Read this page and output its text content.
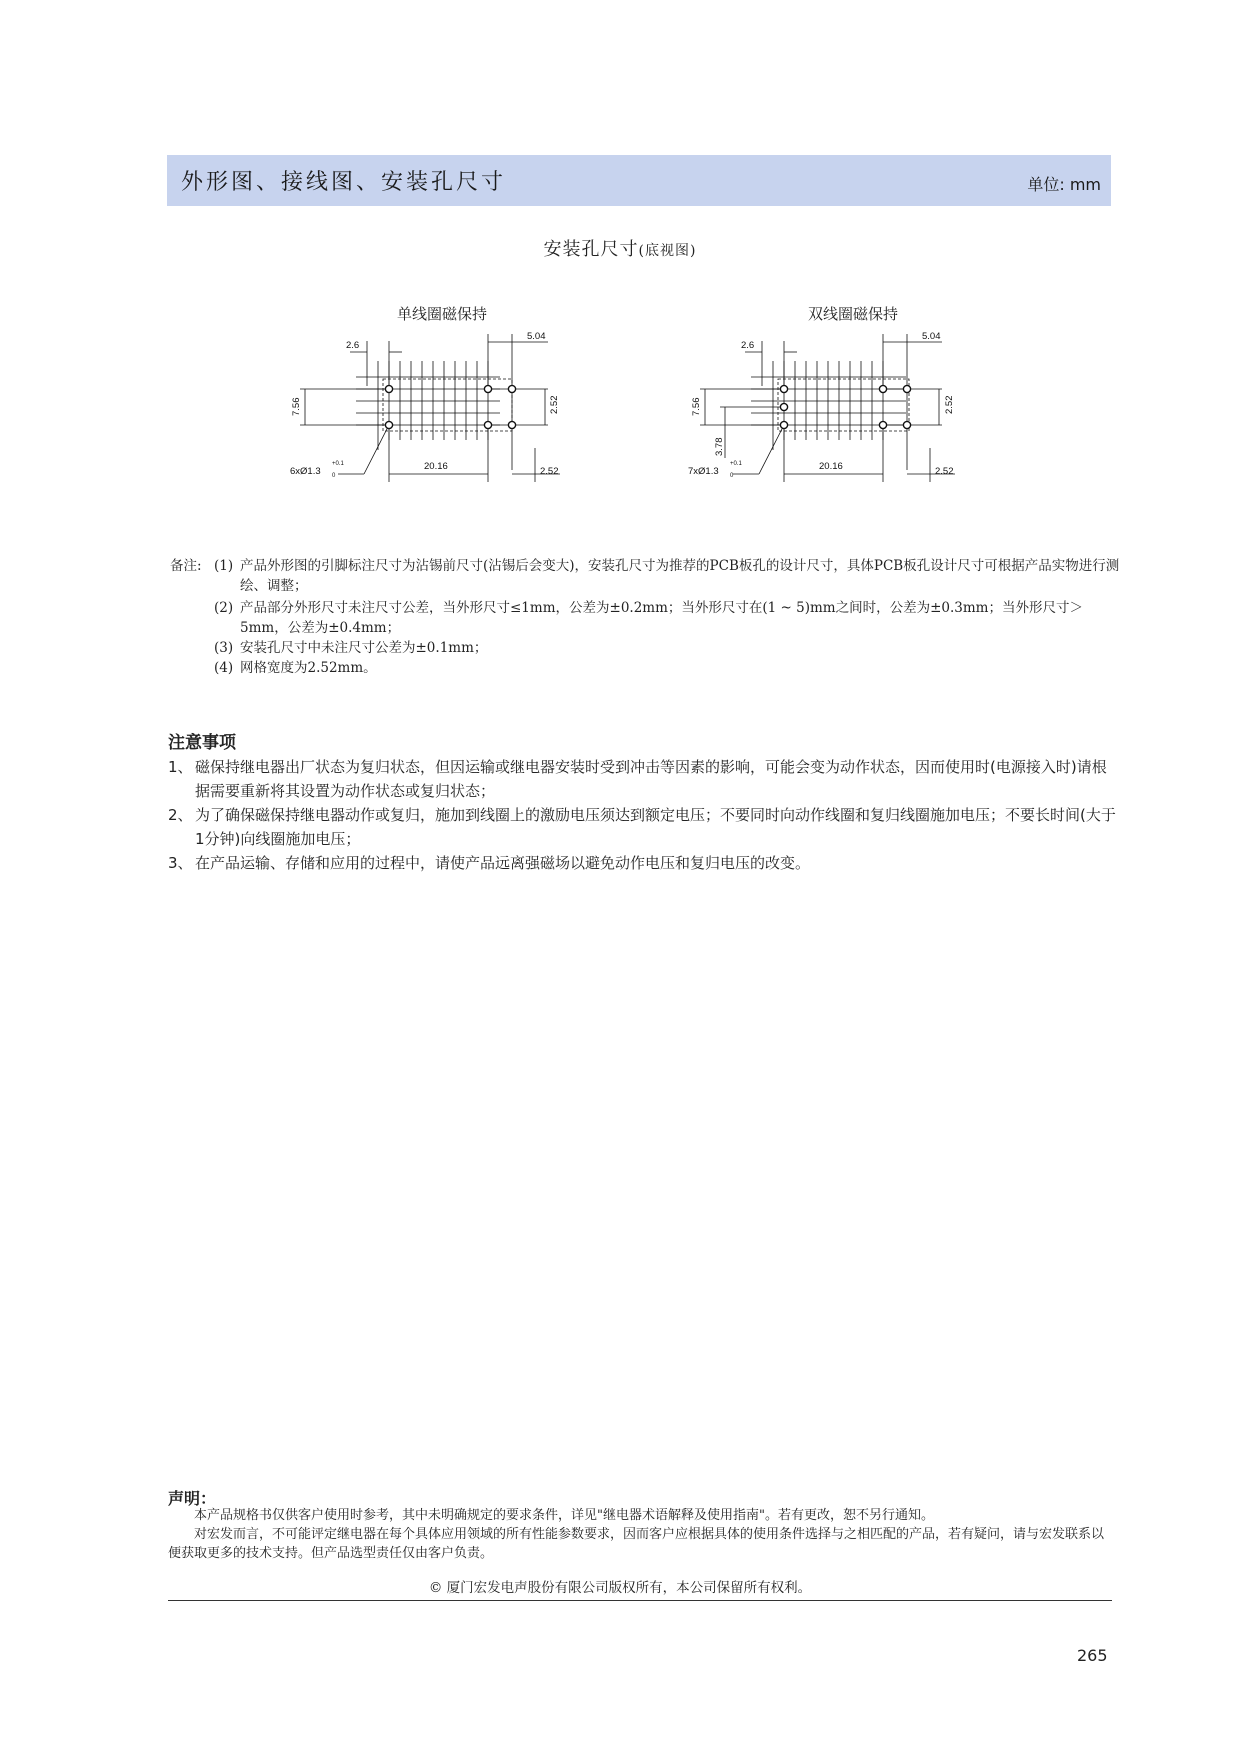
外形图、接线图、安装孔尺寸	单位: mm
安装孔尺寸(底视图)
单线圈磁保持	双线圈磁保持
2.6
5.04
7.56	2.52
20.16	2.52
6xØ1.3
+0.1
0
2.6
5.04
7.56
3.78
2.52
20.16	2.52
7xØ1.3
+0.1
0
备注: (1) 产品外形图的引脚标注尺寸为沾锡前尺寸(沾锡后会变大)，安装孔尺寸为推荐的PCB板孔的设计尺寸，具体PCB板孔设计尺寸可根据产品实物进行测绘、调整；
(2) 产品部分外形尺寸未注尺寸公差，当外形尺寸≤1mm，公差为±0.2mm；当外形尺寸在(1 ~ 5)mm之间时，公差为±0.3mm；当外形尺寸＞5mm，公差为±0.4mm；
(3) 安装孔尺寸中未注尺寸公差为±0.1mm；
(4) 网格宽度为2.52mm。
注意事项
1、 磁保持继电器出厂状态为复归状态，但因运输或继电器安装时受到冲击等因素的影响，可能会变为动作状态，因而使用时(电源接入时)请根据需要重新将其设置为动作状态或复归状态；
2、 为了确保磁保持继电器动作或复归，施加到线圈上的激励电压须达到额定电压；不要同时向动作线圈和复归线圈施加电压；不要长时间(大于1分钟)向线圈施加电压；
3、 在产品运输、存储和应用的过程中，请使产品远离强磁场以避免动作电压和复归电压的改变。
声明：

本产品规格书仅供客户使用时参考，其中未明确规定的要求条件，详见"继电器术语解释及使用指南"。若有更改，恕不另行通知。

对宏发而言，不可能评定继电器在每个具体应用领域的所有性能参数要求，因而客户应根据具体的使用条件选择与之相匹配的产品，若有疑问，请与宏发联系以便获取更多的技术支持。但产品选型责任仅由客户负责。

© 厦门宏发电声股份有限公司版权所有，本公司保留所有权利。
265
